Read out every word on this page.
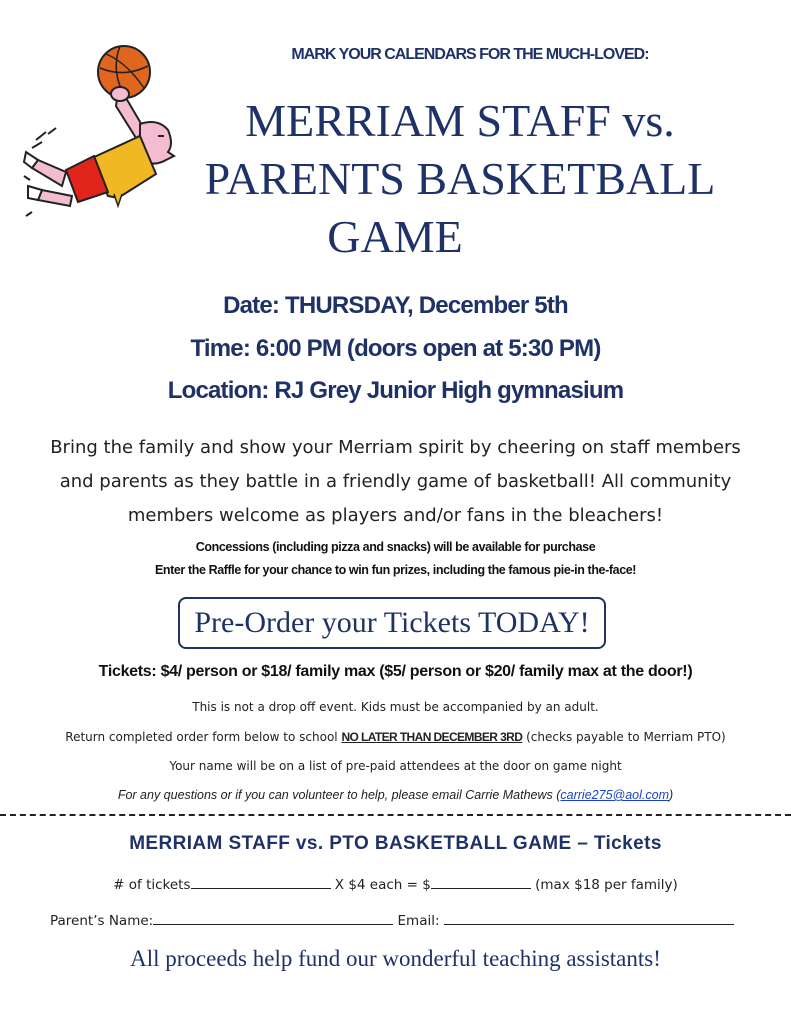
MARK YOUR CALENDARS FOR THE MUCH-LOVED:
MERRIAM STAFF vs.
PARENTS BASKETBALL
GAME
Date: THURSDAY, December 5th
Time: 6:00 PM (doors open at 5:30 PM)
Location: RJ Grey Junior High gymnasium
Bring the family and show your Merriam spirit by cheering on staff members and parents as they battle in a friendly game of basketball! All community members welcome as players and/or fans in the bleachers!
Concessions (including pizza and snacks) will be available for purchase
Enter the Raffle for your chance to win fun prizes, including the famous pie-in the-face!
Pre-Order your Tickets TODAY!
Tickets: $4/ person or $18/ family max ($5/ person or $20/ family max at the door!)
This is not a drop off event. Kids must be accompanied by an adult.
Return completed order form below to school NO LATER THAN DECEMBER 3RD (checks payable to Merriam PTO)
Your name will be on a list of pre-paid attendees at the door on game night
For any questions or if you can volunteer to help, please email Carrie Mathews (carrie275@aol.com)
MERRIAM STAFF vs. PTO BASKETBALL GAME – Tickets
# of tickets	X $4 each = $	(max $18 per family)
Parent’s Name:	Email:
All proceeds help fund our wonderful teaching assistants!
